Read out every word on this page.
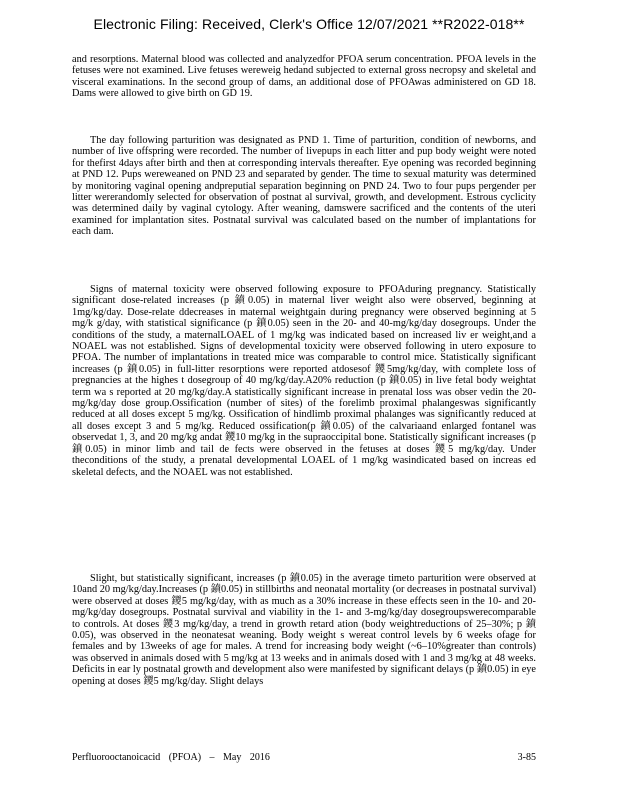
Electronic Filing: Received, Clerk's Office 12/07/2021 **R2022-018**

and resorptions. Maternal blood was collected and analyzedfor PFOA serum concentration. PFOA levels in the fetuses were not examined. Live fetuses wereweig hedand subjected to external gross necropsy and skeletal and visceral examinations. In the second group of dams, an additional dose of PFOAwas administered on GD 18. Dams were allowed to give birth on GD 19.

The day following parturition was designated as PND 1. Time of parturition, condition of newborns, and number of live offspring were recorded. The number of livepups in each litter and pup body weight were noted for thefirst 4days after birth and then at corresponding intervals thereafter. Eye opening was recorded beginning at PND 12. Pups wereweaned on PND 23 and separated by gender. The time to sexual maturity was determined by monitoring vaginal opening andpreputial separation beginning on PND 24. Two to four pups pergender per litter wererandomly selected for observation of postnat al survival, growth, and development. Estrous cyclicity was determined daily by vaginal cytology. After weaning, damswere sacrificed and the contents of the uteri examined for implantation sites. Postnatal survival was calculated based on the number of implantations for each dam.

Signs of maternal toxicity were observed following exposure to PFOAduring pregnancy. Statistically significant dose-related increases (p 鐼0.05) in maternal liver weight also were observed, beginning at 1mg/kg/day. Dose-relate ddecreases in maternal weightgain during pregnancy were observed beginning at 5 mg/k g/day, with statistical significance (p 鐼0.05) seen in the 20- and 40-mg/kg/day dosegroups. Under the conditions of the study, a maternalLOAEL of 1 mg/kg was indicated based on increased liv er weight,and a NOAEL was not established. Signs of developmental toxicity were observed following in utero exposure to PFOA. The number of implantations in treated mice was comparable to control mice. Statistically significant increases (p 鐼0.05) in full-litter resorptions were reported atdosesof 鑁5mg/kg/day, with complete loss of pregnancies at the highes t dosegroup of 40 mg/kg/day.A20% reduction (p 鐼0.05) in live fetal body weightat term wa s reported at 20 mg/kg/day.A statistically significant increase in prenatal loss was obser vedin the 20-mg/kg/day dose group.Ossification (number of sites) of the forelimb proximal phalangeswas significantly reduced at all doses except 5 mg/kg. Ossification of hindlimb proximal phalanges was significantly reduced at all doses except 3 and 5 mg/kg. Reduced ossification(p 鐼0.05) of the calvariaand enlarged fontanel was observedat 1, 3, and 20 mg/kg andat 鑁10 mg/kg in the supraoccipital bone. Statistically significant increases (p 鐼0.05) in minor limb and tail de fects were observed in the fetuses at doses 鑁5 mg/kg/day. Under theconditions of the study, a prenatal developmental LOAEL of 1 mg/kg wasindicated based on increas ed skeletal defects, and the NOAEL was not established.

Slight, but statistically significant, increases (p 鐼0.05) in the average timeto parturition were observed at 10and 20 mg/kg/day.Increases (p 鐼0.05) in stillbirths and neonatal mortality (or decreases in postnatal survival) were observed at doses 鑁5 mg/kg/day, with as much as a 30% increase in these effects seen in the 10- and 20-mg/kg/day dosegroups. Postnatal survival and viability in the 1- and 3-mg/kg/day dosegroupswerecomparable to controls. At doses 鑁3 mg/kg/day, a trend in growth retard ation (body weightreductions of 25–30%; p 鐼0.05), was observed in the neonatesat weaning. Body weight s wereat control levels by 6 weeks ofage for females and by 13weeks of age for males. A trend for increasing body weight (~6–10%greater than controls) was observed in animals dosed with 5 mg/kg at 13 weeks and in animals dosed with 1 and 3 mg/kg at 48 weeks. Deficits in ear ly postnatal growth and development also were manifested by significant delays (p 鐼0.05) in eye opening at doses 鑁5 mg/kg/day. Slight delays

Perfluorooctanoicacid (PFOA) – May 2016	3-85
